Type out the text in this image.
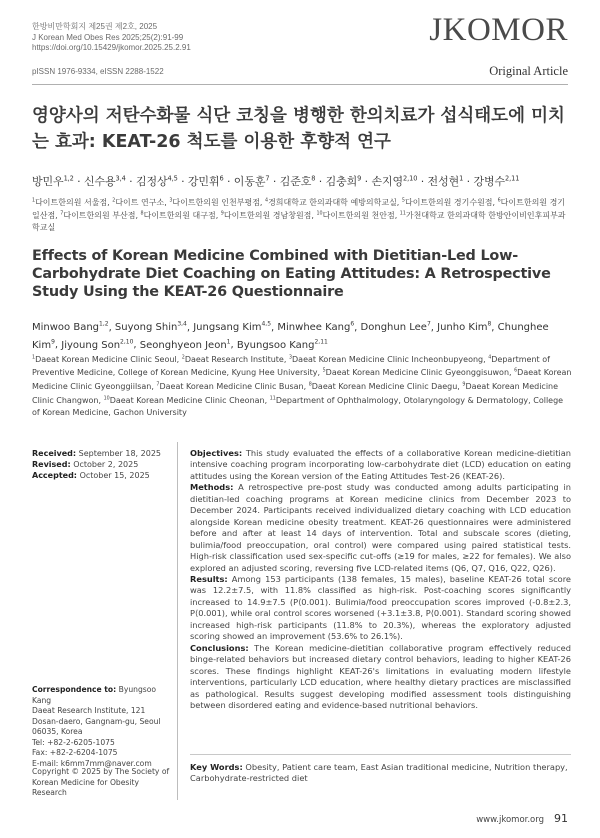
한방비만학회지 제25권 제2호, 2025
J Korean Med Obes Res 2025;25(2):91-99
https://doi.org/10.15429/jkomor.2025.25.2.91
pISSN 1976-9334, eISSN 2288-1522
JKOMOR
Original Article
영양사의 저탄수화물 식단 코칭을 병행한 한의치료가 섭식태도에 미치는 효과: KEAT-26 척도를 이용한 후향적 연구
방민우$^{1,2}$ · 신수용$^{3,4}$ · 김정상$^{4,5}$ · 강민휘$^6$ · 이동훈$^7$ · 김준호$^8$ · 김충희$^9$ · 손지영$^{2,10}$ · 전성현$^1$ · 강병수$^{2,11}$
$^1$다이트한의원 서울점, $^2$다이트 연구소, $^3$다이트한의원 인천부평점, $^4$경희대학교 한의과대학 예방의학교실, $^5$다이트한의원 경기수원점, $^6$다이트한의원 경기일산점, $^7$다이트한의원 부산점, $^8$다이트한의원 대구점, $^9$다이트한의원 경남창원점, $^{10}$다이트한의원 천안점, $^{11}$가천대학교 한의과대학 한방안이비인후피부과학교실
Effects of Korean Medicine Combined with Dietitian-Led Low-Carbohydrate Diet Coaching on Eating Attitudes: A Retrospective Study Using the KEAT-26 Questionnaire
Minwoo Bang$^{1,2}$, Suyong Shin$^{3,4}$, Jungsang Kim$^{4,5}$, Minwhee Kang$^6$, Donghun Lee$^7$, Junho Kim$^8$, Chunghee Kim$^9$, Jiyoung Son$^{2,10}$, Seonghyeon Jeon$^1$, Byungsoo Kang$^{2,11}$
$^1$Daeat Korean Medicine Clinic Seoul, $^2$Daeat Research Institute, $^3$Daeat Korean Medicine Clinic Incheonbupyeong, $^4$Department of Preventive Medicine, College of Korean Medicine, Kyung Hee University, $^5$Daeat Korean Medicine Clinic Gyeonggisuwon, $^6$Daeat Korean Medicine Clinic Gyeonggiilsan, $^7$Daeat Korean Medicine Clinic Busan, $^8$Daeat Korean Medicine Clinic Daegu, $^9$Daeat Korean Medicine Clinic Changwon, $^{10}$Daeat Korean Medicine Clinic Cheonan, $^{11}$Department of Ophthalmology, Otolaryngology & Dermatology, College of Korean Medicine, Gachon University
Received: September 18, 2025
Revised: October 2, 2025
Accepted: October 15, 2025
Correspondence to: Byungsoo Kang
Daeat Research Institute, 121
Dosan-daero, Gangnam-gu, Seoul
06035, Korea
Tel: +82-2-6205-1075
Fax: +82-2-6204-1075
E-mail: k6mm7mm@naver.com
Copyright © 2025 by The Society of Korean Medicine for Obesity Research

Objectives: This study evaluated the effects of a collaborative Korean medicine-dietitian intensive coaching program incorporating low-carbohydrate diet (LCD) education on eating attitudes using the Korean version of the Eating Attitudes Test-26 (KEAT-26).

Methods: A retrospective pre-post study was conducted among adults participating in dietitian-led coaching programs at Korean medicine clinics from December 2023 to December 2024. Participants received individualized dietary coaching with LCD education alongside Korean medicine obesity treatment. KEAT-26 questionnaires were administered before and after at least 14 days of intervention. Total and subscale scores (dieting, bulimia/food preoccupation, oral control) were compared using paired statistical tests. High-risk classification used sex-specific cut-offs (≥19 for males, ≥22 for females). We also explored an adjusted scoring, reversing five LCD-related items (Q6, Q7, Q16, Q22, Q26).

Results: Among 153 participants (138 females, 15 males), baseline KEAT-26 total score was 12.2±7.5, with 11.8% classified as high-risk. Post-coaching scores significantly increased to 14.9±7.5 (P⟨0.001). Bulimia/food preoccupation scores improved (-0.8±2.3, P⟨0.001), while oral control scores worsened (+3.1±3.8, P⟨0.001). Standard scoring showed increased high-risk participants (11.8% to 20.3%), whereas the exploratory adjusted scoring showed an improvement (53.6% to 26.1%).

Conclusions: The Korean medicine-dietitian collaborative program effectively reduced binge-related behaviors but increased dietary control behaviors, leading to higher KEAT-26 scores. These findings highlight KEAT-26's limitations in evaluating modern lifestyle interventions, particularly LCD education, where healthy dietary practices are misclassified as pathological. Results suggest developing modified assessment tools distinguishing between disordered eating and evidence-based nutritional behaviors.

Key Words: Obesity, Patient care team, East Asian traditional medicine, Nutrition therapy, Carbohydrate-restricted diet
www.jkomor.org 91
